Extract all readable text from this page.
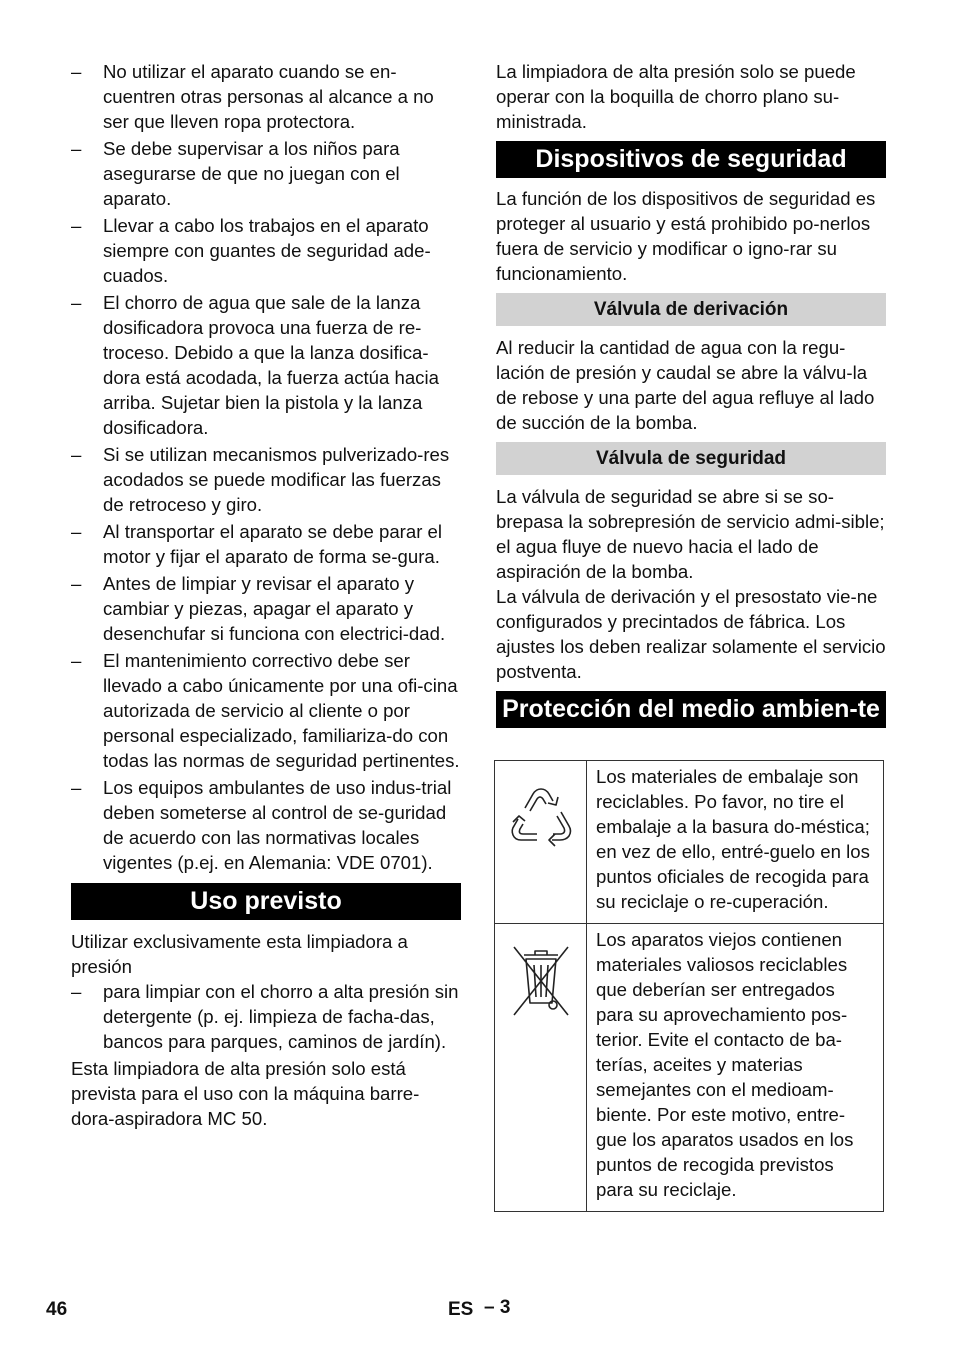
– No utilizar el aparato cuando se en-cuentren otras personas al alcance a no ser que lleven ropa protectora.
– Se debe supervisar a los niños para asegurarse de que no juegan con el aparato.
– Llevar a cabo los trabajos en el aparato siempre con guantes de seguridad ade-cuados.
– El chorro de agua que sale de la lanza dosificadora provoca una fuerza de re-troceso. Debido a que la lanza dosifica-dora está acodada, la fuerza actúa hacia arriba. Sujetar bien la pistola y la lanza dosificadora.
– Si se utilizan mecanismos pulverizado-res acodados se puede modificar las fuerzas de retroceso y giro.
– Al transportar el aparato se debe parar el motor y fijar el aparato de forma se-gura.
– Antes de limpiar y revisar el aparato y cambiar y piezas, apagar el aparato y desenchufar si funciona con electrici-dad.
– El mantenimiento correctivo debe ser llevado a cabo únicamente por una ofi-cina autorizada de servicio al cliente o por personal especializado, familiariza-do con todas las normas de seguridad pertinentes.
– Los equipos ambulantes de uso indus-trial deben someterse al control de se-guridad de acuerdo con las normativas locales vigentes (p.ej. en Alemania: VDE 0701).
Uso previsto

Utilizar exclusivamente esta limpiadora a presión

– para limpiar con el chorro a alta presión sin detergente (p. ej. limpieza de facha-das, bancos para parques, caminos de jardín).

Esta limpiadora de alta presión solo está prevista para el uso con la máquina barre-dora-aspiradora MC 50.

La limpiadora de alta presión solo se puede operar con la boquilla de chorro plano su-ministrada.

Dispositivos de seguridad

La función de los dispositivos de seguridad es proteger al usuario y está prohibido po-nerlos fuera de servicio y modificar o igno-rar su funcionamiento.

Válvula de derivación

Al reducir la cantidad de agua con la regu-lación de presión y caudal se abre la válvu-la de rebose y una parte del agua refluye al lado de succión de la bomba.

Válvula de seguridad

La válvula de seguridad se abre si se so-brepasa la sobrepresión de servicio admi-sible; el agua fluye de nuevo hacia el lado de aspiración de la bomba.

La válvula de derivación y el presostato vie-ne configurados y precintados de fábrica. Los ajustes los deben realizar solamente el servicio postventa.

Protección del medio ambien-te
	Los materiales de embalaje son reciclables. Po favor, no tire el embalaje a la basura do-méstica; en vez de ello, entré-guelo en los puntos oficiales de recogida para su reciclaje o re-cuperación.
	Los aparatos viejos contienen materiales valiosos reciclables que deberían ser entregados para su aprovechamiento pos-terior. Evite el contacto de ba-terías, aceites y materias semejantes con el medioam-biente. Por este motivo, entre-gue los aparatos usados en los puntos de recogida previstos para su reciclaje.
46	ES – 3
